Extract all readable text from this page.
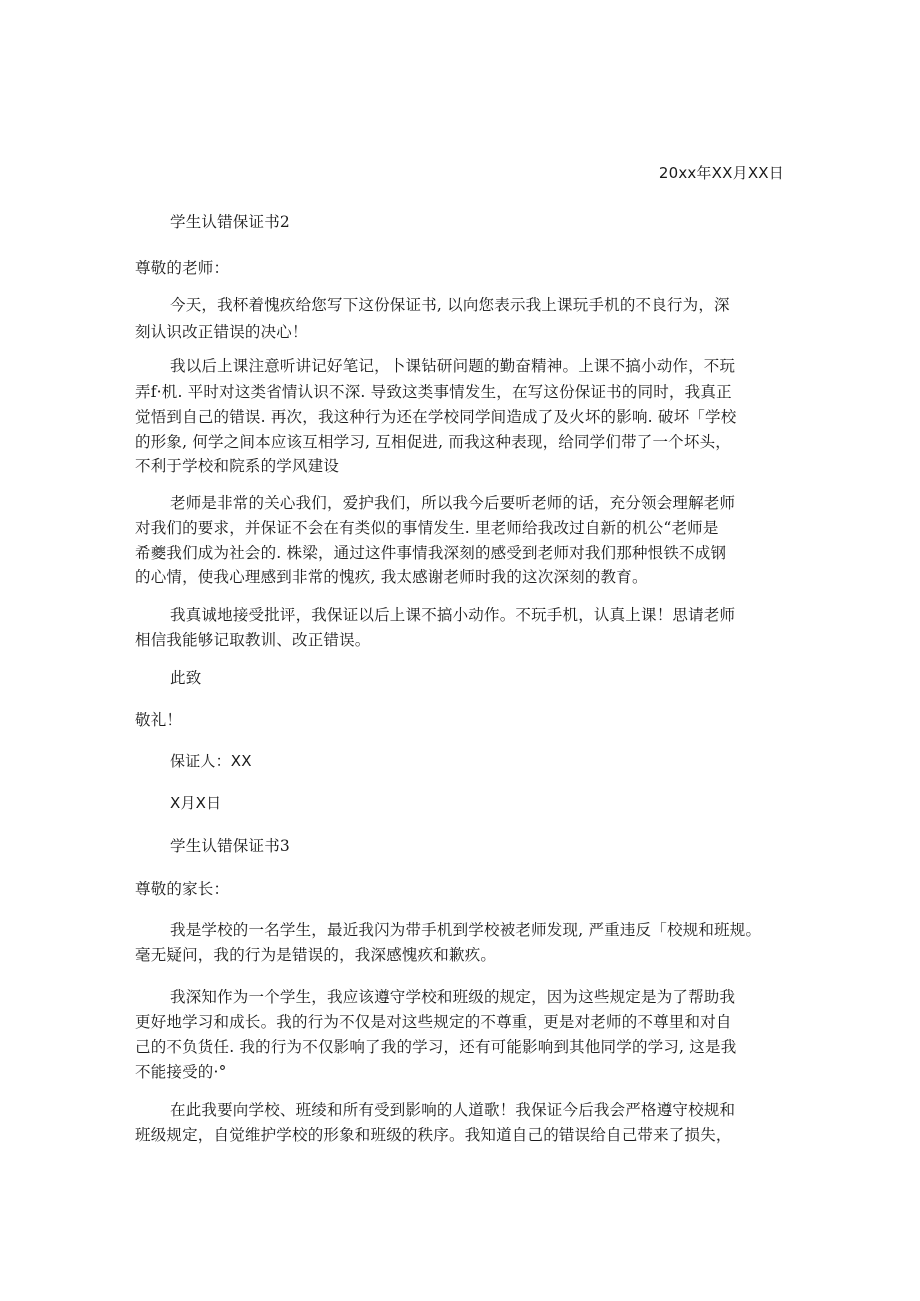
20xx年XX月XX日
学生认错保证书2
尊敬的老师：
今天，我杯着愧疚给您写下这份保证书, 以向您表示我上课玩手机的不良行为，深
刻认识改正错误的决心！
我以后上课注意听讲记好笔记，卜课钻研问题的勤奋精神。上课不搞小动作，不玩
弄f·机. 平时对这类省情认识不深. 导致这类事情发生，在写这份保证书的同时，我真正
觉悟到自己的错误. 再次，我这种行为还在学校同学间造成了及火坏的影响. 破坏「学校
的形象, 何学之间本应该互相学习, 互相促进, 而我这种表现，给同学们带了一个坏头，
不利于学校和院系的学风建设
老师是非常的关心我们，爱护我们，所以我今后要听老师的话，充分领会理解老师
对我们的要求，并保证不会在有类似的事情发生. 里老师给我改过自新的机公“老师是
希夔我们成为社会的. 株梁，通过这件事情我深刻的感受到老师对我们那种恨铁不成钢
的心情，使我心理感到非常的愧疚, 我太感谢老师时我的这次深刻的教育。
我真诚地接受批评，我保证以后上课不搞小动作。不玩手机，认真上课！思请老师
相信我能够记取教训、改正错误。
此致
敬礼！
保证人：XX
X月X日
学生认错保证书3
尊敬的家长：
我是学校的一名学生，最近我闪为带手机到学校被老师发现, 严重违反「校规和班规。
毫无疑问，我的行为是错误的，我深感愧疚和歉疚。
我深知作为一个学生，我应该遵守学校和班级的规定，因为这些规定是为了帮助我
更好地学习和成长。我的行为不仅是对这些规定的不尊重，更是对老师的不尊里和对自
己的不负货任. 我的行为不仅影响了我的学习，还有可能影响到其他同学的学习, 这是我
不能接受的·°
在此我要向学校、班绫和所有受到影响的人道歌！我保证今后我会严格遵守校规和
班级规定，自觉维护学校的形象和班级的秩序。我知道自己的错误给自己带来了损失，
